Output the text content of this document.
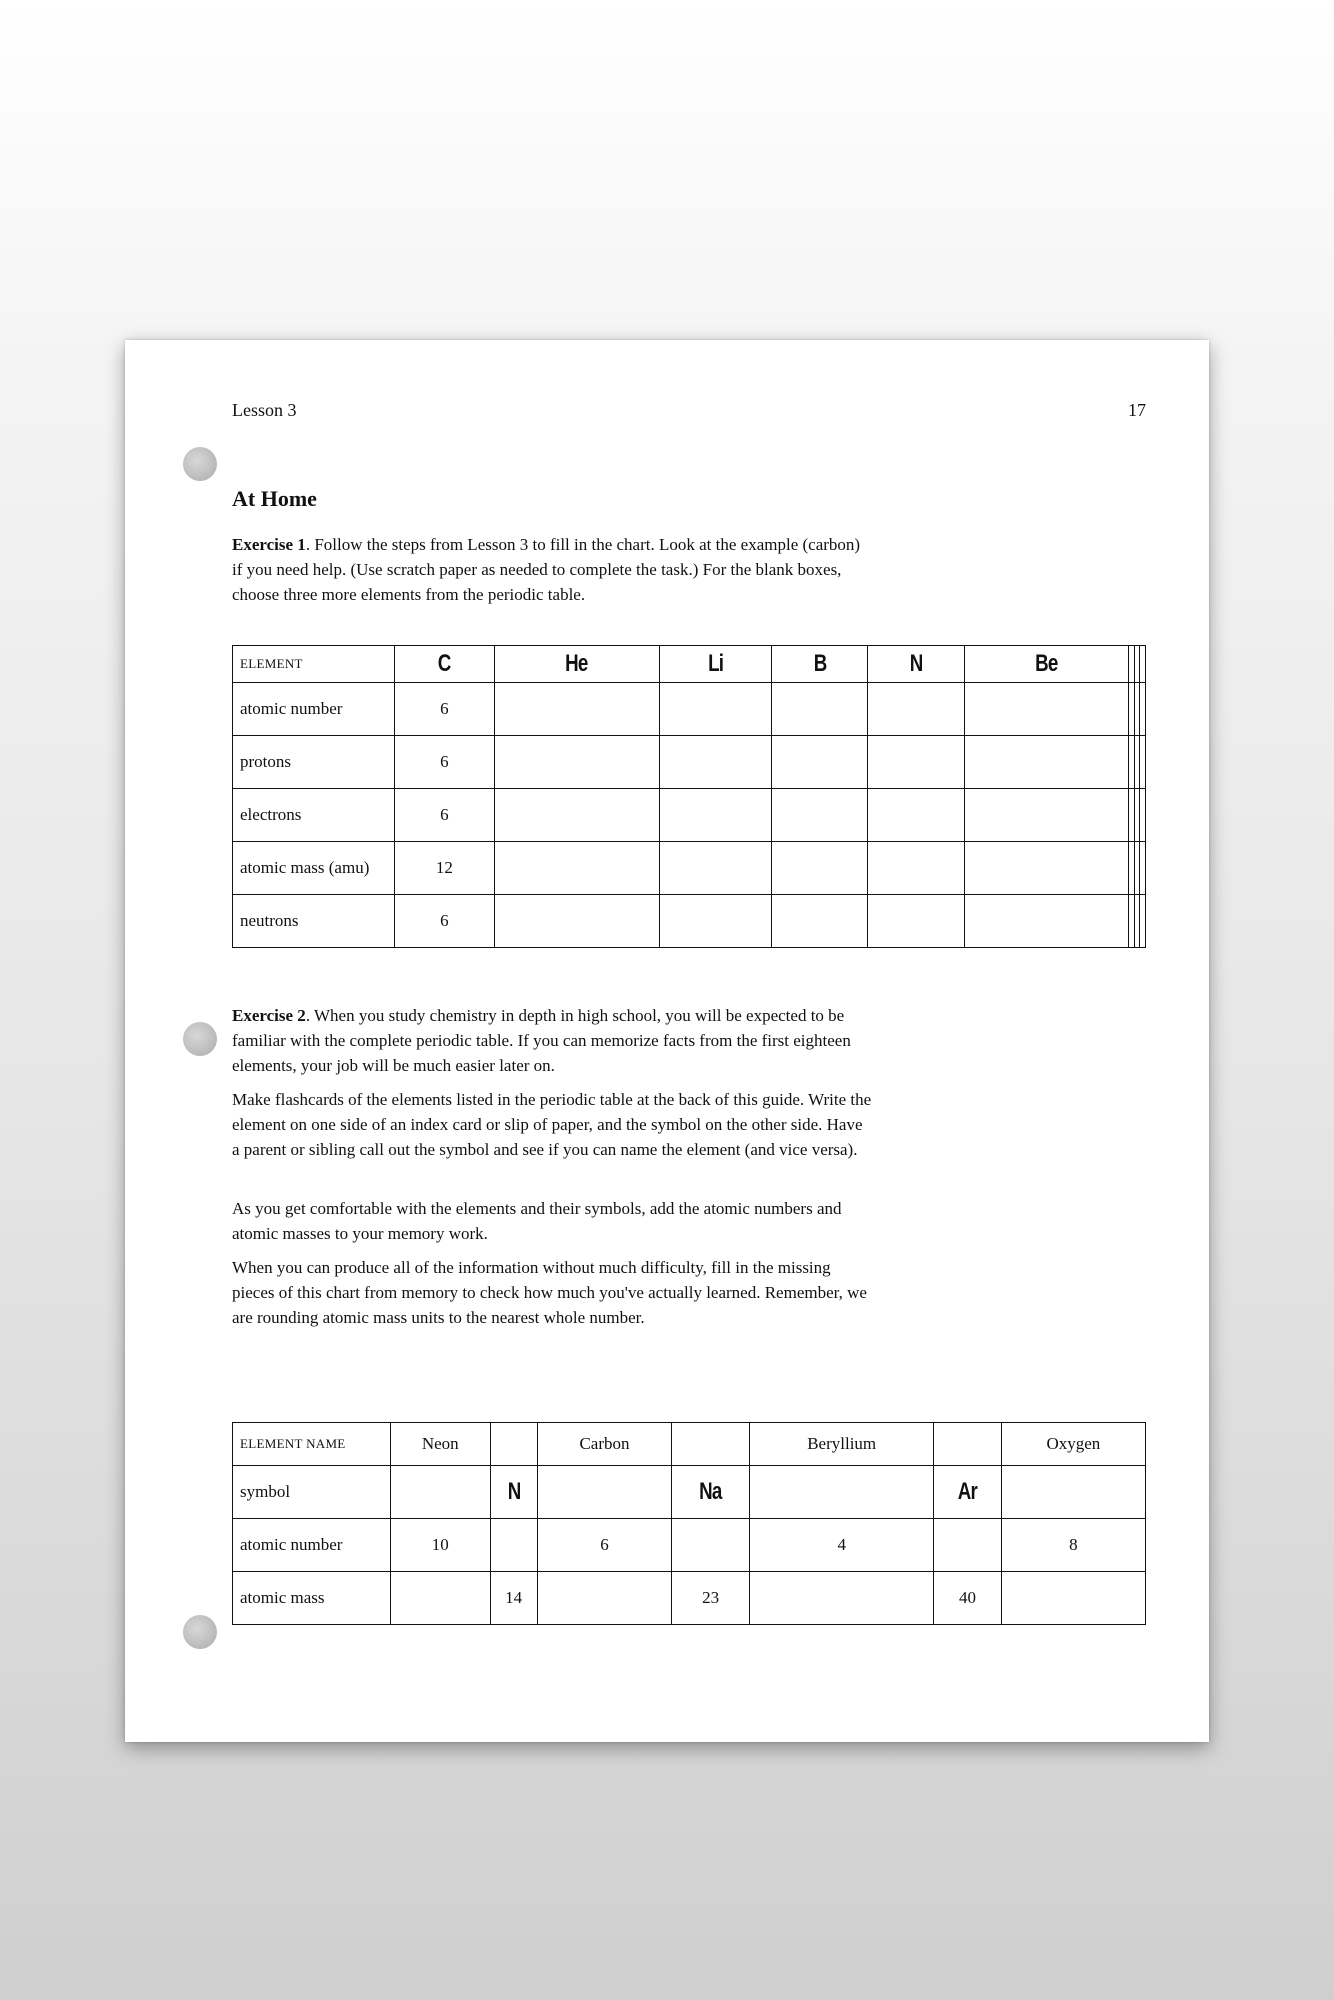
Lesson 3	17
At Home
Exercise 1. Follow the steps from Lesson 3 to fill in the chart. Look at the example (carbon) if you need help. (Use scratch paper as needed to complete the task.) For the blank boxes, choose three more elements from the periodic table.
ELEMENT	C	He	Li	B	N	Be			
atomic number	6								
protons	6								
electrons	6								
atomic mass (amu)	12								
neutrons	6								
Exercise 2. When you study chemistry in depth in high school, you will be expected to be familiar with the complete periodic table. If you can memorize facts from the first eighteen elements, your job will be much easier later on.
Make flashcards of the elements listed in the periodic table at the back of this guide. Write the element on one side of an index card or slip of paper, and the symbol on the other side. Have a parent or sibling call out the symbol and see if you can name the element (and vice versa).
As you get comfortable with the elements and their symbols, add the atomic numbers and atomic masses to your memory work.
When you can produce all of the information without much difficulty, fill in the missing pieces of this chart from memory to check how much you've actually learned. Remember, we are rounding atomic mass units to the nearest whole number.
ELEMENT NAME	Neon		Carbon		Beryllium		Oxygen
symbol		N		Na		Ar	
atomic number	10		6		4		8
atomic mass		14		23		40	
